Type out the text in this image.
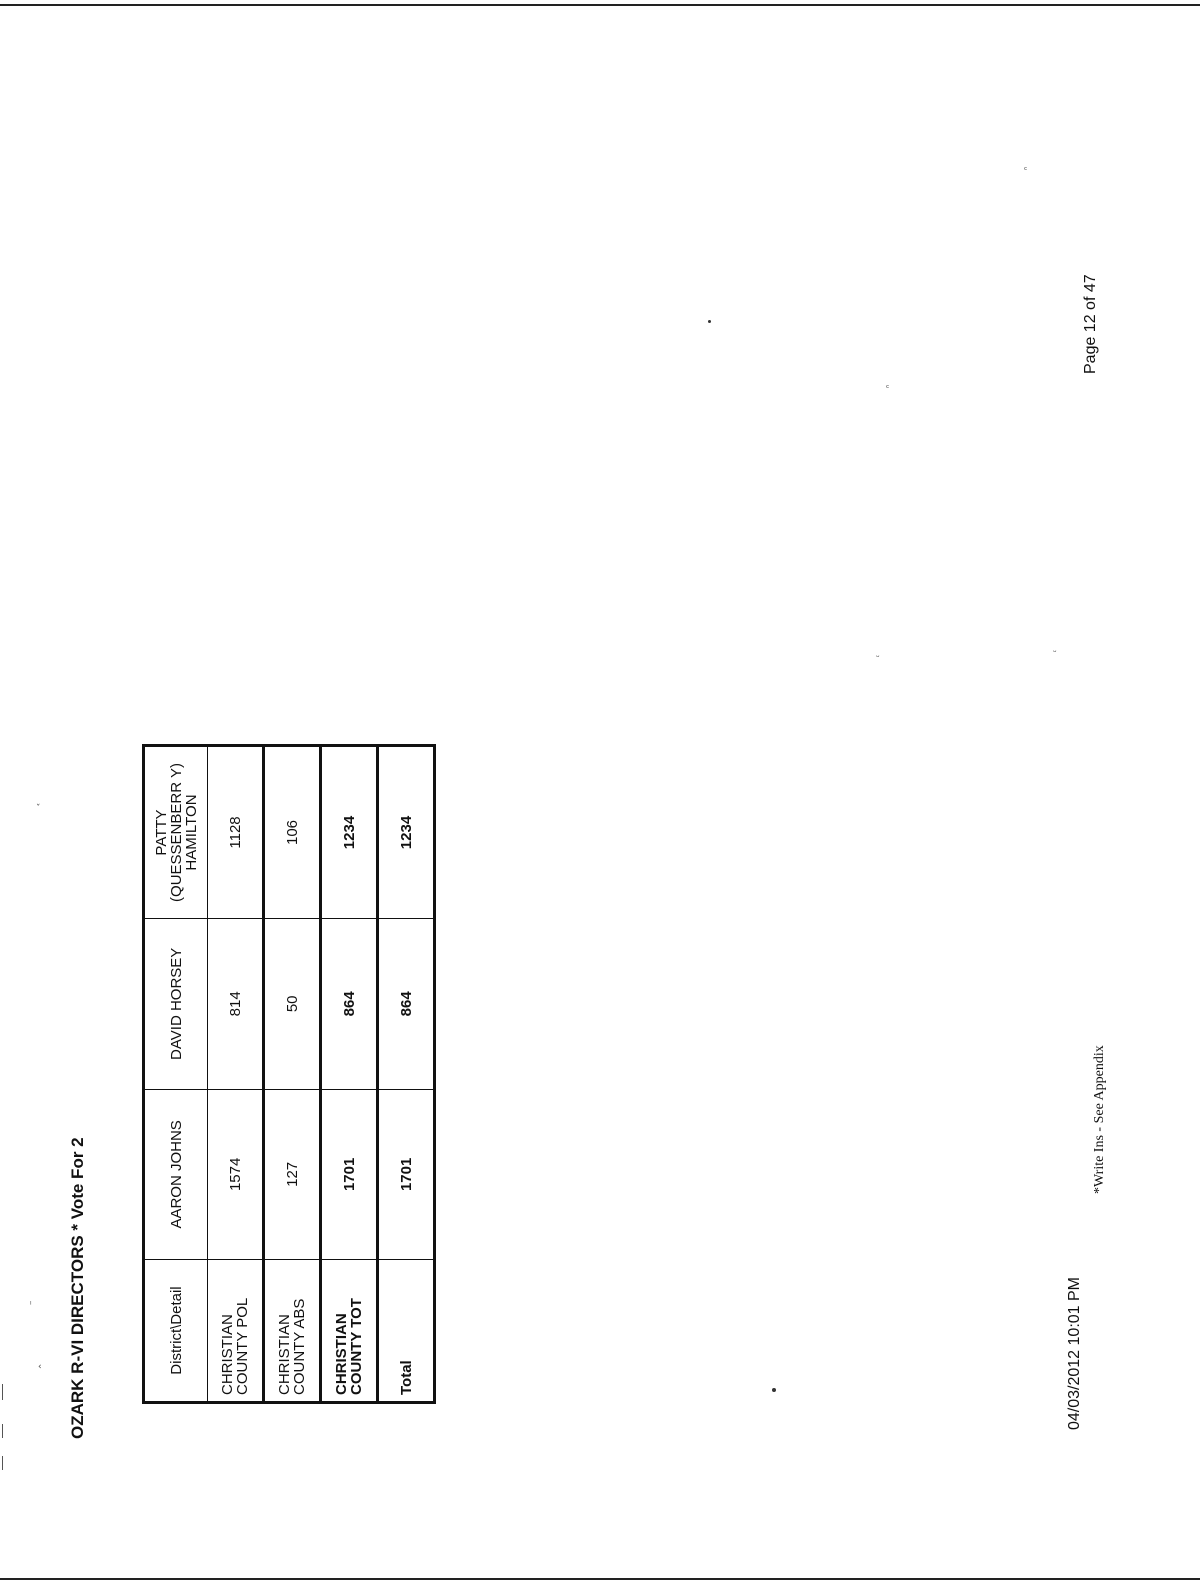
ˇ
ᵕ	ᵕ
ᶜ
ᶜ
‹
ᵎ OZARK R-VI DIRECTORS * Vote For 2	District\Detail	AARON JOHNS	DAVID HORSEY	PATTY (QUESSENBERR Y) HAMILTON
CHRISTIAN COUNTY POL	1574	814	1128
CHRISTIAN COUNTY ABS	127	50	106
CHRISTIAN COUNTY TOT	1701	864	1234
Total	1701	864	1234
04/03/2012 10:01 PM
*Write Ins - See Appendix
Page 12 of 47
